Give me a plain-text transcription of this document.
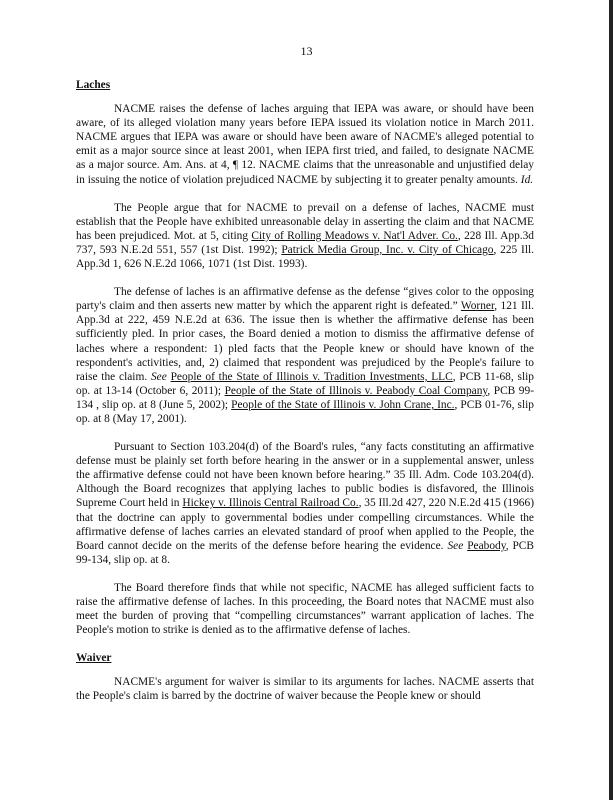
13
Laches

NACME raises the defense of laches arguing that IEPA was aware, or should have been aware, of its alleged violation many years before IEPA issued its violation notice in March 2011. NACME argues that IEPA was aware or should have been aware of NACME's alleged potential to emit as a major source since at least 2001, when IEPA first tried, and failed, to designate NACME as a major source. Am. Ans. at 4, ¶ 12. NACME claims that the unreasonable and unjustified delay in issuing the notice of violation prejudiced NACME by subjecting it to greater penalty amounts. Id.

The People argue that for NACME to prevail on a defense of laches, NACME must establish that the People have exhibited unreasonable delay in asserting the claim and that NACME has been prejudiced. Mot. at 5, citing City of Rolling Meadows v. Nat'l Adver. Co., 228 Ill. App.3d 737, 593 N.E.2d 551, 557 (1st Dist. 1992); Patrick Media Group, Inc. v. City of Chicago, 225 Ill. App.3d 1, 626 N.E.2d 1066, 1071 (1st Dist. 1993).

The defense of laches is an affirmative defense as the defense “gives color to the opposing party's claim and then asserts new matter by which the apparent right is defeated.” Worner, 121 Ill. App.3d at 222, 459 N.E.2d at 636. The issue then is whether the affirmative defense has been sufficiently pled. In prior cases, the Board denied a motion to dismiss the affirmative defense of laches where a respondent: 1) pled facts that the People knew or should have known of the respondent's activities, and, 2) claimed that respondent was prejudiced by the People's failure to raise the claim. See People of the State of Illinois v. Tradition Investments, LLC, PCB 11-68, slip op. at 13-14 (October 6, 2011); People of the State of Illinois v. Peabody Coal Company, PCB 99-134 , slip op. at 8 (June 5, 2002); People of the State of Illinois v. John Crane, Inc., PCB 01-76, slip op. at 8 (May 17, 2001).

Pursuant to Section 103.204(d) of the Board's rules, “any facts constituting an affirmative defense must be plainly set forth before hearing in the answer or in a supplemental answer, unless the affirmative defense could not have been known before hearing.” 35 Ill. Adm. Code 103.204(d). Although the Board recognizes that applying laches to public bodies is disfavored, the Illinois Supreme Court held in Hickey v. Illinois Central Railroad Co., 35 Ill.2d 427, 220 N.E.2d 415 (1966) that the doctrine can apply to governmental bodies under compelling circumstances. While the affirmative defense of laches carries an elevated standard of proof when applied to the People, the Board cannot decide on the merits of the defense before hearing the evidence. See Peabody, PCB 99-134, slip op. at 8.

The Board therefore finds that while not specific, NACME has alleged sufficient facts to raise the affirmative defense of laches. In this proceeding, the Board notes that NACME must also meet the burden of proving that “compelling circumstances” warrant application of laches. The People's motion to strike is denied as to the affirmative defense of laches.

Waiver

NACME's argument for waiver is similar to its arguments for laches. NACME asserts that the People's claim is barred by the doctrine of waiver because the People knew or should
